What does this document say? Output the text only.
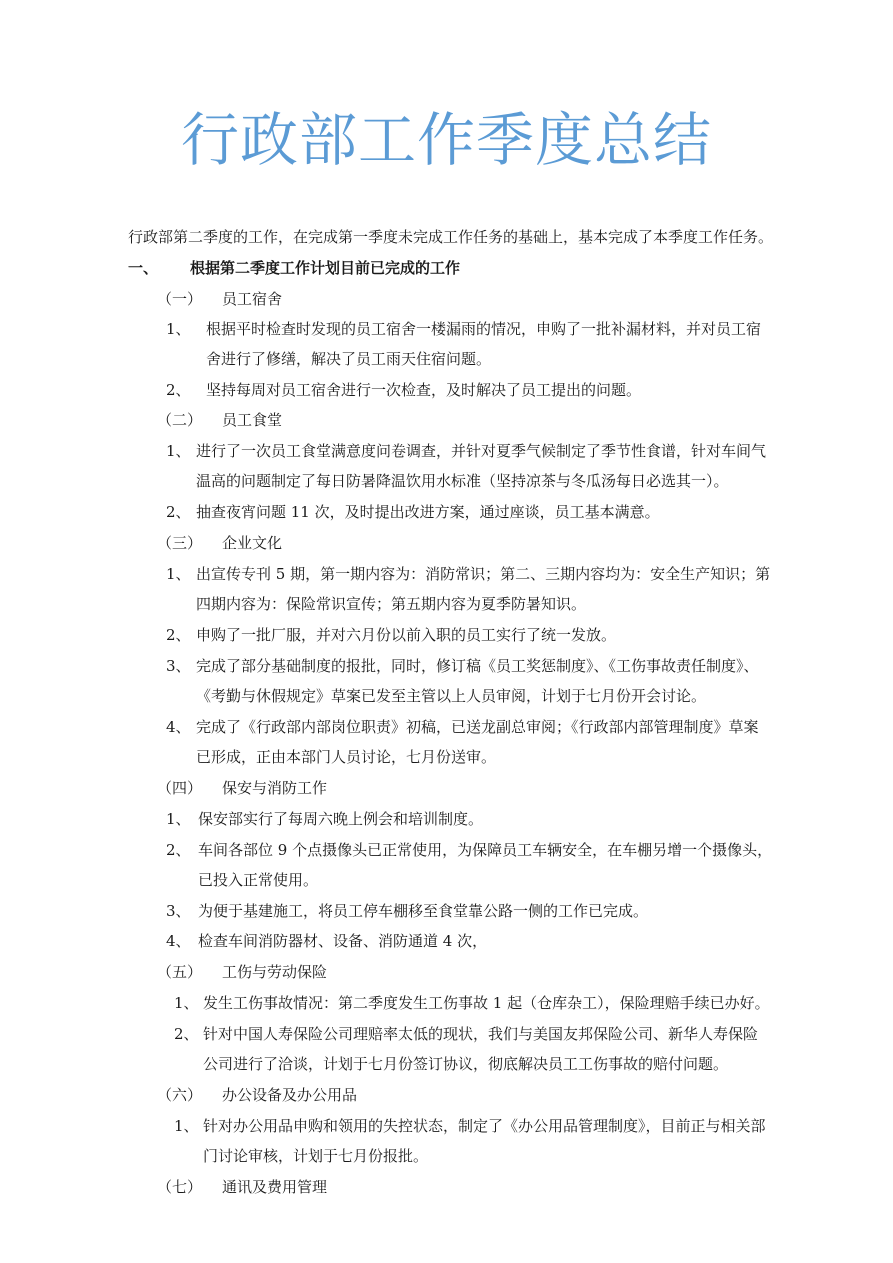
行政部工作季度总结
行政部第二季度的工作，在完成第一季度未完成工作任务的基础上，基本完成了本季度工作任务。
一、 根据第二季度工作计划目前已完成的工作
（一） 员工宿舍
1、 根据平时检查时发现的员工宿舍一楼漏雨的情况，申购了一批补漏材料，并对员工宿
舍进行了修缮，解决了员工雨天住宿问题。
2、 坚持每周对员工宿舍进行一次检查，及时解决了员工提出的问题。
（二） 员工食堂
1、 进行了一次员工食堂满意度问卷调查，并针对夏季气候制定了季节性食谱，针对车间气
温高的问题制定了每日防暑降温饮用水标准（坚持凉茶与冬瓜汤每日必选其一）。
2、 抽查夜宵问题 11 次，及时提出改进方案，通过座谈，员工基本满意。
（三） 企业文化
1、 出宣传专刊 5 期，第一期内容为：消防常识；第二、三期内容均为：安全生产知识；第
四期内容为：保险常识宣传；第五期内容为夏季防暑知识。
2、 申购了一批厂服，并对六月份以前入职的员工实行了统一发放。
3、 完成了部分基础制度的报批，同时，修订稿《员工奖惩制度》、《工伤事故责任制度》、
《考勤与休假规定》草案已发至主管以上人员审阅，计划于七月份开会讨论。
4、 完成了《行政部内部岗位职责》初稿，已送龙副总审阅；《行政部内部管理制度》草案
已形成，正由本部门人员讨论，七月份送审。
（四） 保安与消防工作
1、 保安部实行了每周六晚上例会和培训制度。
2、 车间各部位 9 个点摄像头已正常使用，为保障员工车辆安全，在车棚另增一个摄像头，
已投入正常使用。
3、 为便于基建施工，将员工停车棚移至食堂靠公路一侧的工作已完成。
4、 检查车间消防器材、设备、消防通道 4 次，
（五） 工伤与劳动保险
1、 发生工伤事故情况：第二季度发生工伤事故 1 起（仓库杂工），保险理赔手续已办好。
2、 针对中国人寿保险公司理赔率太低的现状，我们与美国友邦保险公司、新华人寿保险
公司进行了洽谈，计划于七月份签订协议，彻底解决员工工伤事故的赔付问题。
（六） 办公设备及办公用品
1、 针对办公用品申购和领用的失控状态，制定了《办公用品管理制度》，目前正与相关部
门讨论审核，计划于七月份报批。
（七） 通讯及费用管理
